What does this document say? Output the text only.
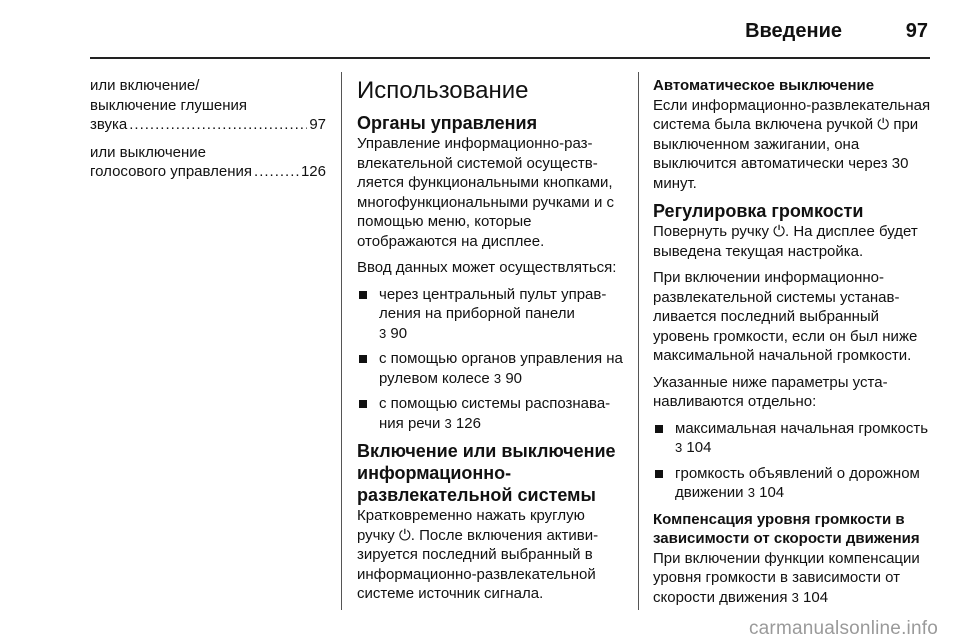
Введение	97
или включение/
выключение глушения
звука .....	97
или выключение
голосового управления .....	126
Использование
Органы управления

Управление информационно-развлекательной системой осуществляется функциональными кнопками, многофункциональными ручками и с помощью меню, которые отображаются на дисплее.

Ввод данных может осуществляться:

через центральный пульт управления на приборной панели
3 90
с помощью органов управления на рулевом колесе 3 90
с помощью системы распознавания речи 3 126
Включение или выключение информационно-развлекательной системы

Кратковременно нажать круглую ручку ⏻. После включения активизируется последний выбранный в информационно-развлекательной системе источник сигнала.

Автоматическое выключение

Если информационно-развлекательная система была включена ручкой ⏻ при выключенном зажигании, она выключится автоматически через 30 минут.

Регулировка громкости

Повернуть ручку ⏻. На дисплее будет выведена текущая настройка.

При включении информационно-развлекательной системы устанавливается последний выбранный уровень громкости, если он был ниже максимальной начальной громкости.

Указанные ниже параметры устанавливаются отдельно:

максимальная начальная громкость 3 104
громкость объявлений о дорожном движении 3 104
Компенсация уровня громкости в зависимости от скорости движения

При включении функции компенсации уровня громкости в зависимости от скорости движения 3 104

carmanualsonline.info
